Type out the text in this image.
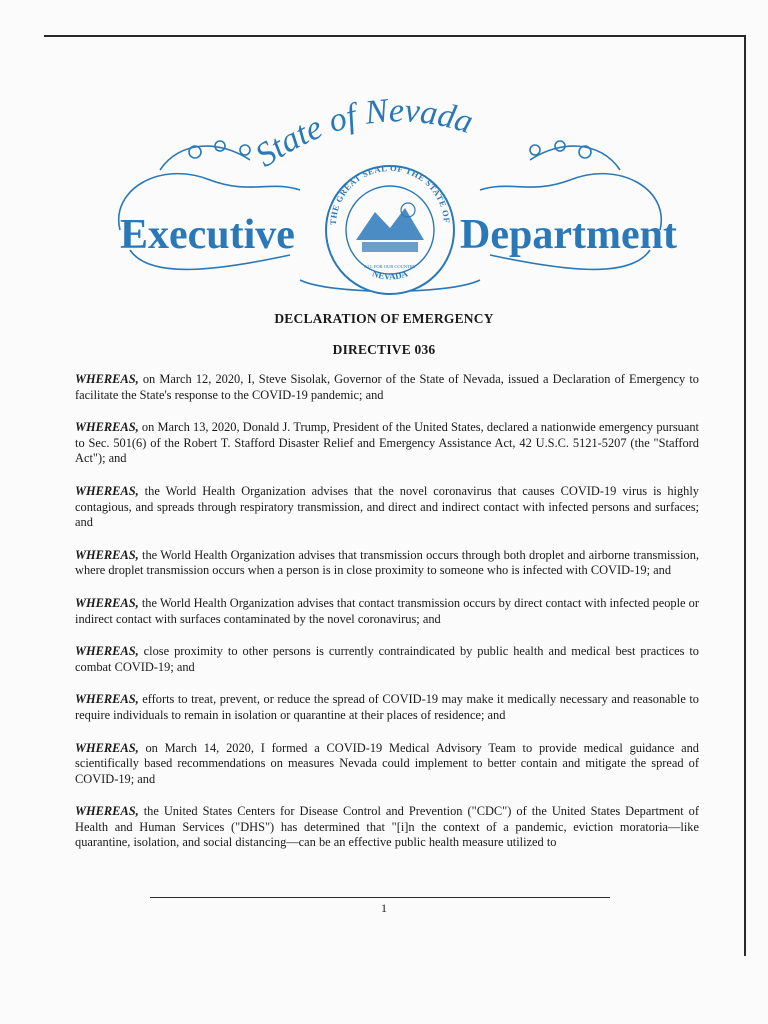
THE GREAT SEAL OF THE STATE OF
NEVADA
ALL FOR OUR COUNTRY
State of Nevada
Executive	Department
DECLARATION OF EMERGENCY
DIRECTIVE 036

WHEREAS, on March 12, 2020, I, Steve Sisolak, Governor of the State of Nevada, issued a Declaration of Emergency to facilitate the State's response to the COVID-19 pandemic; and

WHEREAS, on March 13, 2020, Donald J. Trump, President of the United States, declared a nationwide emergency pursuant to Sec. 501(6) of the Robert T. Stafford Disaster Relief and Emergency Assistance Act, 42 U.S.C. 5121-5207 (the "Stafford Act"); and

WHEREAS, the World Health Organization advises that the novel coronavirus that causes COVID-19 virus is highly contagious, and spreads through respiratory transmission, and direct and indirect contact with infected persons and surfaces; and

WHEREAS, the World Health Organization advises that transmission occurs through both droplet and airborne transmission, where droplet transmission occurs when a person is in close proximity to someone who is infected with COVID-19; and

WHEREAS, the World Health Organization advises that contact transmission occurs by direct contact with infected people or indirect contact with surfaces contaminated by the novel coronavirus; and

WHEREAS, close proximity to other persons is currently contraindicated by public health and medical best practices to combat COVID-19; and

WHEREAS, efforts to treat, prevent, or reduce the spread of COVID-19 may make it medically necessary and reasonable to require individuals to remain in isolation or quarantine at their places of residence; and

WHEREAS, on March 14, 2020, I formed a COVID-19 Medical Advisory Team to provide medical guidance and scientifically based recommendations on measures Nevada could implement to better contain and mitigate the spread of COVID-19; and

WHEREAS, the United States Centers for Disease Control and Prevention ("CDC") of the United States Department of Health and Human Services ("DHS") has determined that "[i]n the context of a pandemic, eviction moratoria—like quarantine, isolation, and social distancing—can be an effective public health measure utilized to

1
